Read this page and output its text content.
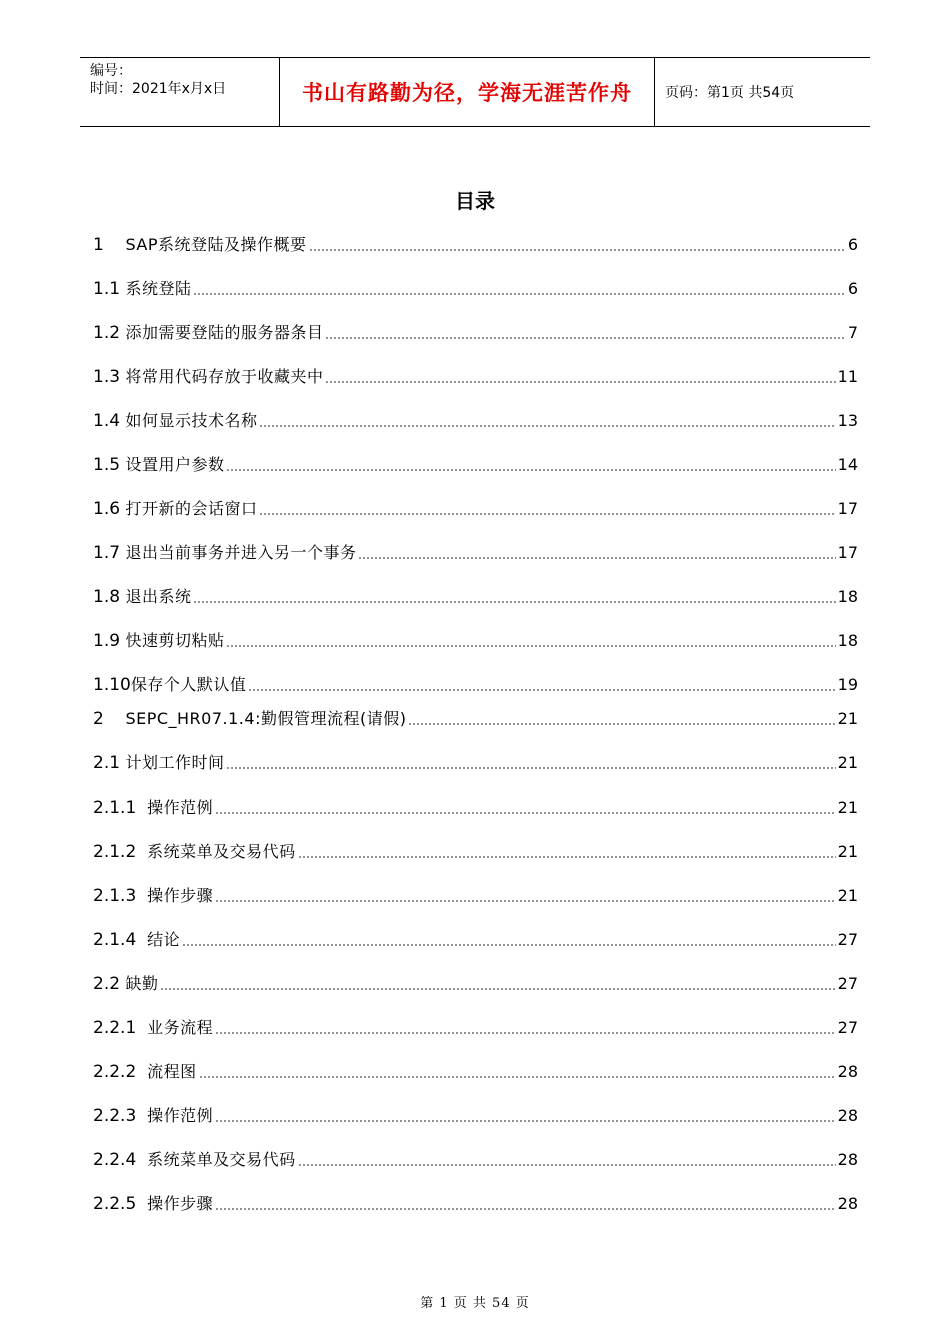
编号：
时间：2021年x月x日	书山有路勤为径，学海无涯苦作舟	页码：第1页 共54页
目录
1 SAP系统登陆及操作概要	6
1.1 系统登陆	6
1.2 添加需要登陆的服务器条目	7
1.3 将常用代码存放于收藏夹中	11
1.4 如何显示技术名称	13
1.5 设置用户参数	14
1.6 打开新的会话窗口	17
1.7 退出当前事务并进入另一个事务	17
1.8 退出系统	18
1.9 快速剪切粘贴	18
1.10 保存个人默认值	19
2 SEPC_HR07.1.4:勤假管理流程(请假)	21
2.1 计划工作时间	21
2.1.1 操作范例	21
2.1.2 系统菜单及交易代码	21
2.1.3 操作步骤	21
2.1.4 结论	27
2.2 缺勤	27
2.2.1 业务流程	27
2.2.2 流程图	28
2.2.3 操作范例	28
2.2.4 系统菜单及交易代码	28
2.2.5 操作步骤	28
第 1 页 共 54 页
